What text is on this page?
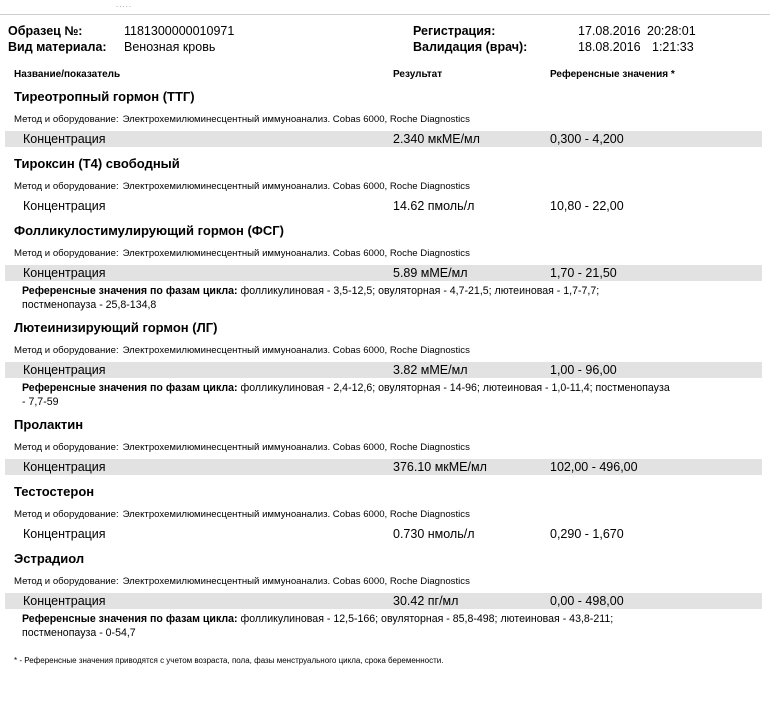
.....
Образец №:	1181300000010971
Вид материала: Венозная кровь
Регистрация:	17.08.2016 20:28:01
Валидация (врач):	18.08.2016 1:21:33
Название/показатель	Результат	Референсные значения *
Тиреотропный гормон (ТТГ)
Метод и оборудование: Электрохемилюминесцентный иммуноанализ. Cobas 6000, Roche Diagnostics
Концентрация	2.340 мкМЕ/мл	0,300 - 4,200
Тироксин (Т4) свободный
Метод и оборудование: Электрохемилюминесцентный иммуноанализ. Cobas 6000, Roche Diagnostics
Концентрация	14.62 пмоль/л	10,80 - 22,00
Фолликулостимулирующий гормон (ФСГ)
Метод и оборудование: Электрохемилюминесцентный иммуноанализ. Cobas 6000, Roche Diagnostics
Концентрация	5.89 мМЕ/мл	1,70 - 21,50
Референсные значения по фазам цикла: фолликулиновая - 3,5-12,5; овуляторная - 4,7-21,5; лютеиновая - 1,7-7,7; постменопауза - 25,8-134,8
Лютеинизирующий гормон (ЛГ)
Метод и оборудование: Электрохемилюминесцентный иммуноанализ. Cobas 6000, Roche Diagnostics
Концентрация	3.82 мМЕ/мл	1,00 - 96,00
Референсные значения по фазам цикла: фолликулиновая - 2,4-12,6; овуляторная - 14-96; лютеиновая - 1,0-11,4; постменопауза - 7,7-59
Пролактин
Метод и оборудование: Электрохемилюминесцентный иммуноанализ. Cobas 6000, Roche Diagnostics
Концентрация	376.10 мкМЕ/мл	102,00 - 496,00
Тестостерон
Метод и оборудование: Электрохемилюминесцентный иммуноанализ. Cobas 6000, Roche Diagnostics
Концентрация	0.730 нмоль/л	0,290 - 1,670
Эстрадиол
Метод и оборудование: Электрохемилюминесцентный иммуноанализ. Cobas 6000, Roche Diagnostics
Концентрация	30.42 пг/мл	0,00 - 498,00
Референсные значения по фазам цикла: фолликулиновая - 12,5-166; овуляторная - 85,8-498; лютеиновая - 43,8-211; постменопауза - 0-54,7
* - Референсные значения приводятся с учетом возраста, пола, фазы менструального цикла, срока беременности.
